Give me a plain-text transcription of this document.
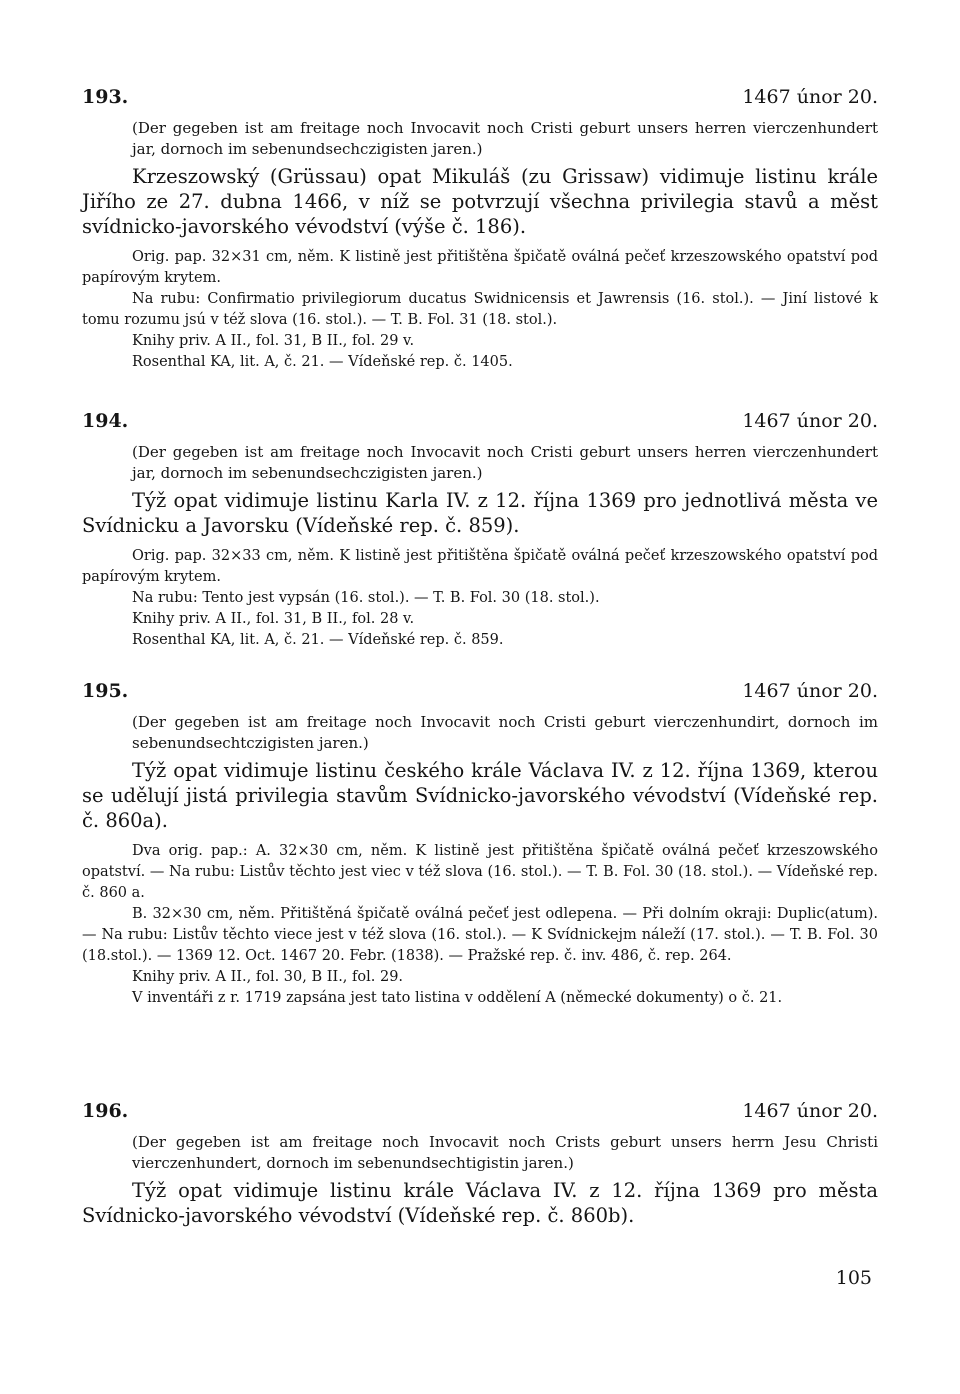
193.	1467 únor 20.
(Der gegeben ist am freitage noch Invocavit noch Cristi geburt unsers herren vierczenhundert jar, dornoch im sebenundsechczigisten jaren.)
Krzeszowský (Grüssau) opat Mikuláš (zu Grissaw) vidimuje listinu krále Jiřího ze 27. dubna 1466, v níž se potvrzují všechna privilegia stavů a měst svídnicko-javorského vévodství (výše č. 186).

Orig. pap. 32×31 cm, něm. K listině jest přitištěna špičatě oválná pečeť krzeszowského opatství pod papírovým krytem.

Na rubu: Confirmatio privilegiorum ducatus Swidnicensis et Jawrensis (16. stol.). — Jiní listové k tomu rozumu jsú v též slova (16. stol.). — T. B. Fol. 31 (18. stol.).

Knihy priv. A II., fol. 31, B II., fol. 29 v.

Rosenthal KA, lit. A, č. 21. — Vídeňské rep. č. 1405.

194.	1467 únor 20.
(Der gegeben ist am freitage noch Invocavit noch Cristi geburt unsers herren vierczenhundert jar, dornoch im sebenundsechczigisten jaren.)
Týž opat vidimuje listinu Karla IV. z 12. října 1369 pro jednotlivá města ve Svídnicku a Javorsku (Vídeňské rep. č. 859).

Orig. pap. 32×33 cm, něm. K listině jest přitištěna špičatě oválná pečeť krzeszowského opatství pod papírovým krytem.

Na rubu: Tento jest vypsán (16. stol.). — T. B. Fol. 30 (18. stol.).

Knihy priv. A II., fol. 31, B II., fol. 28 v.

Rosenthal KA, lit. A, č. 21. — Vídeňské rep. č. 859.

195.	1467 únor 20.
(Der gegeben ist am freitage noch Invocavit noch Cristi geburt vierczenhundirt, dornoch im sebenundsechtczigisten jaren.)
Týž opat vidimuje listinu českého krále Václava IV. z 12. října 1369, kterou se udělují jistá privilegia stavům Svídnicko-javorského vévodství (Vídeňské rep. č. 860a).

Dva orig. pap.: A. 32×30 cm, něm. K listině jest přitištěna špičatě oválná pečeť krzeszowského opatství. — Na rubu: Listův těchto jest viec v též slova (16. stol.). — T. B. Fol. 30 (18. stol.). — Vídeňské rep. č. 860 a.

B. 32×30 cm, něm. Přitištěná špičatě oválná pečeť jest odlepena. — Při dolním okraji: Duplic(atum). — Na rubu: Listův těchto viece jest v též slova (16. stol.). — K Svídnickejm náleží (17. stol.). — T. B. Fol. 30 (18.stol.). — 1369 12. Oct. 1467 20. Febr. (1838). — Pražské rep. č. inv. 486, č. rep. 264.

Knihy priv. A II., fol. 30, B II., fol. 29.

V inventáři z r. 1719 zapsána jest tato listina v oddělení A (německé dokumenty) o č. 21.

196.	1467 únor 20.
(Der gegeben ist am freitage noch Invocavit noch Crists geburt unsers herrn Jesu Christi vierczenhundert, dornoch im sebenundsechtigistin jaren.)
Týž opat vidimuje listinu krále Václava IV. z 12. října 1369 pro města Svídnicko-javorského vévodství (Vídeňské rep. č. 860b).
105
